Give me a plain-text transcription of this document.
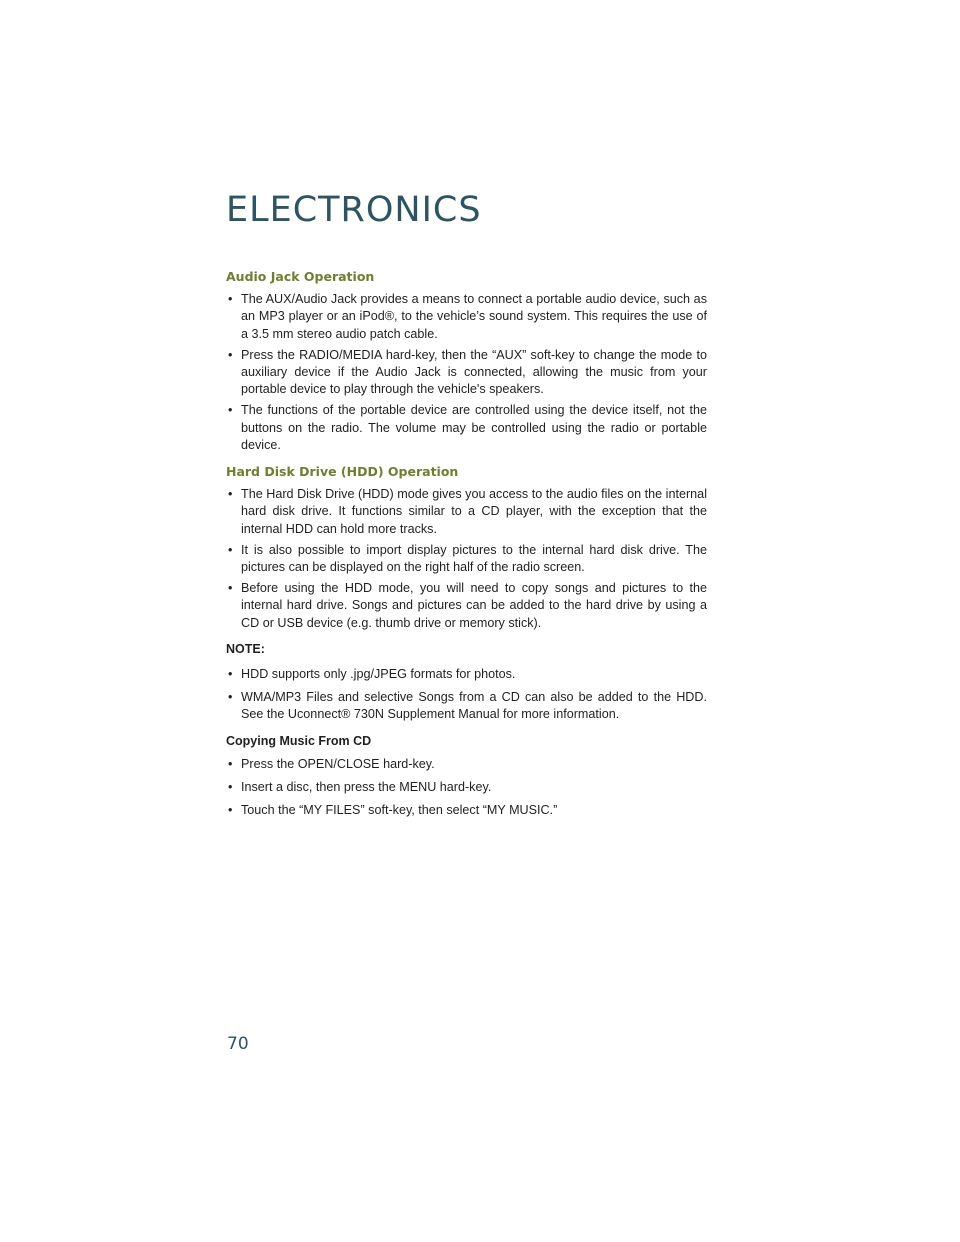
ELECTRONICS
Audio Jack Operation
• The AUX/Audio Jack provides a means to connect a portable audio device, such as an MP3 player or an iPod®, to the vehicle’s sound system. This requires the use of a 3.5 mm stereo audio patch cable.
• Press the RADIO/MEDIA hard-key, then the “AUX” soft-key to change the mode to auxiliary device if the Audio Jack is connected, allowing the music from your portable device to play through the vehicle's speakers.
• The functions of the portable device are controlled using the device itself, not the buttons on the radio. The volume may be controlled using the radio or portable device.
Hard Disk Drive (HDD) Operation
• The Hard Disk Drive (HDD) mode gives you access to the audio files on the internal hard disk drive. It functions similar to a CD player, with the exception that the internal HDD can hold more tracks.
• It is also possible to import display pictures to the internal hard disk drive. The pictures can be displayed on the right half of the radio screen.
• Before using the HDD mode, you will need to copy songs and pictures to the internal hard drive. Songs and pictures can be added to the hard drive by using a CD or USB device (e.g. thumb drive or memory stick).
NOTE:
• HDD supports only .jpg/JPEG formats for photos.
• WMA/MP3 Files and selective Songs from a CD can also be added to the HDD. See the Uconnect® 730N Supplement Manual for more information.
Copying Music From CD
• Press the OPEN/CLOSE hard-key.
• Insert a disc, then press the MENU hard-key.
• Touch the “MY FILES” soft-key, then select “MY MUSIC.”
70
